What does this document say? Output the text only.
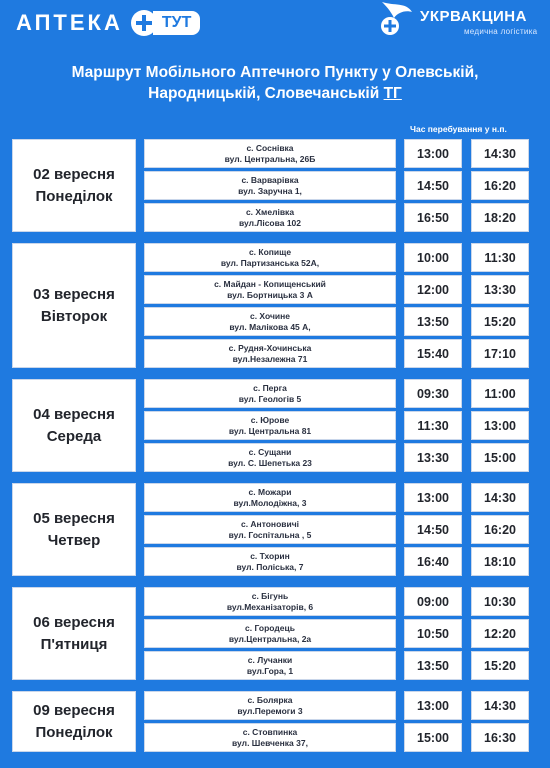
АПТЕКА	ТУТ	УКРВАКЦИНА
медична логістика
Маршрут Мобільного Аптечного Пункту у Олевській,
Народницькій, Словечанській ТГ
Час перебування у н.п.
02 вересня
Понеділок
с. Соснівка
вул. Центральна, 26Б	13:00	14:30
с. Варварівка
вул. Заручна 1,	14:50	16:20
с. Хмелівка
вул.Лісова 102	16:50	18:20
03 вересня
Вівторок
с. Копище
вул. Партизанська 52А,	10:00	11:30
с. Майдан - Копищенський
вул. Бортницька 3 А	12:00	13:30
с. Хочине
вул. Малікова 45 А,	13:50	15:20
с. Рудня-Хочинська
вул.Незалежна 71	15:40	17:10
04 вересня
Середа
с. Перга
вул. Геологів 5	09:30	11:00
с. Юрове
вул. Центральна 81	11:30	13:00
с. Сущани
вул. С. Шепетька 23	13:30	15:00
05 вересня
Четвер
с. Можари
вул.Молодіжна, 3	13:00	14:30
с. Антоновичі
вул. Госпітальна , 5	14:50	16:20
с. Тхорин
вул. Поліська, 7	16:40	18:10
06 вересня
П'ятниця
с. Бігунь
вул.Механізаторів, 6	09:00	10:30
с. Городець
вул.Центральна, 2а	10:50	12:20
с. Лучанки
вул.Гора, 1	13:50	15:20
09 вересня
Понеділок
с. Болярка
вул.Перемоги 3	13:00	14:30
с. Стовпинка
вул. Шевченка 37,	15:00	16:30
